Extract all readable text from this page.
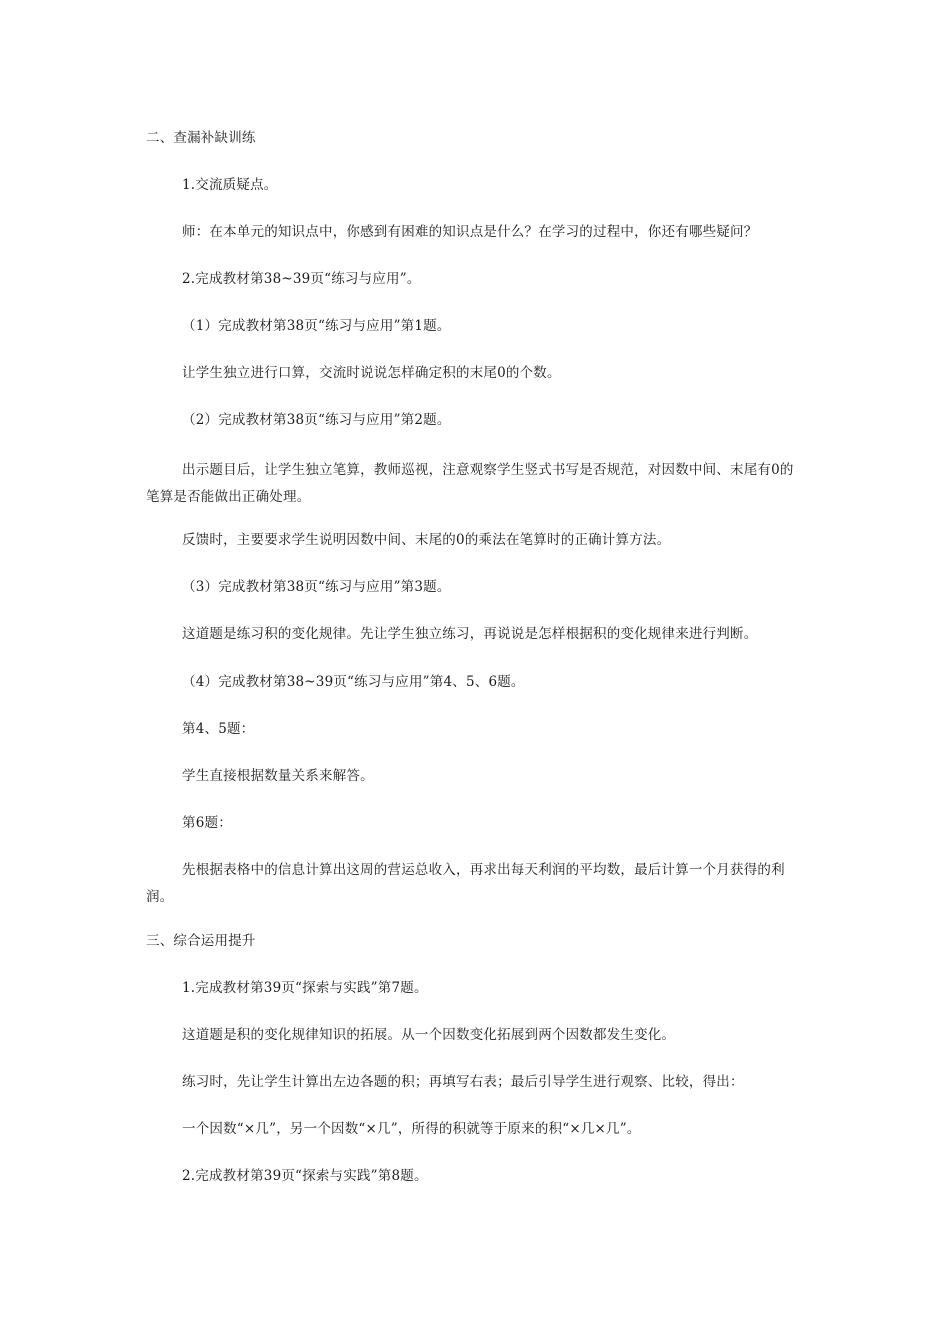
二、查漏补缺训练
1.交流质疑点。
师：在本单元的知识点中，你感到有困难的知识点是什么？在学习的过程中，你还有哪些疑问？
2.完成教材第38~39页“练习与应用”。
（1）完成教材第38页“练习与应用”第1题。
让学生独立进行口算，交流时说说怎样确定积的末尾0的个数。
（2）完成教材第38页“练习与应用”第2题。
出示题目后，让学生独立笔算，教师巡视，注意观察学生竖式书写是否规范，对因数中间、末尾有0的笔算是否能做出正确处理。
反馈时，主要要求学生说明因数中间、末尾的0的乘法在笔算时的正确计算方法。
（3）完成教材第38页“练习与应用”第3题。
这道题是练习积的变化规律。先让学生独立练习，再说说是怎样根据积的变化规律来进行判断。
（4）完成教材第38~39页“练习与应用”第4、5、6题。
第4、5题：
学生直接根据数量关系来解答。
第6题：
先根据表格中的信息计算出这周的营运总收入，再求出每天利润的平均数，最后计算一个月获得的利润。
三、综合运用提升
1.完成教材第39页“探索与实践”第7题。
这道题是积的变化规律知识的拓展。从一个因数变化拓展到两个因数都发生变化。
练习时，先让学生计算出左边各题的积；再填写右表；最后引导学生进行观察、比较，得出：
一个因数“×几”，另一个因数“×几”，所得的积就等于原来的积“×几×几”。
2.完成教材第39页“探索与实践”第8题。
